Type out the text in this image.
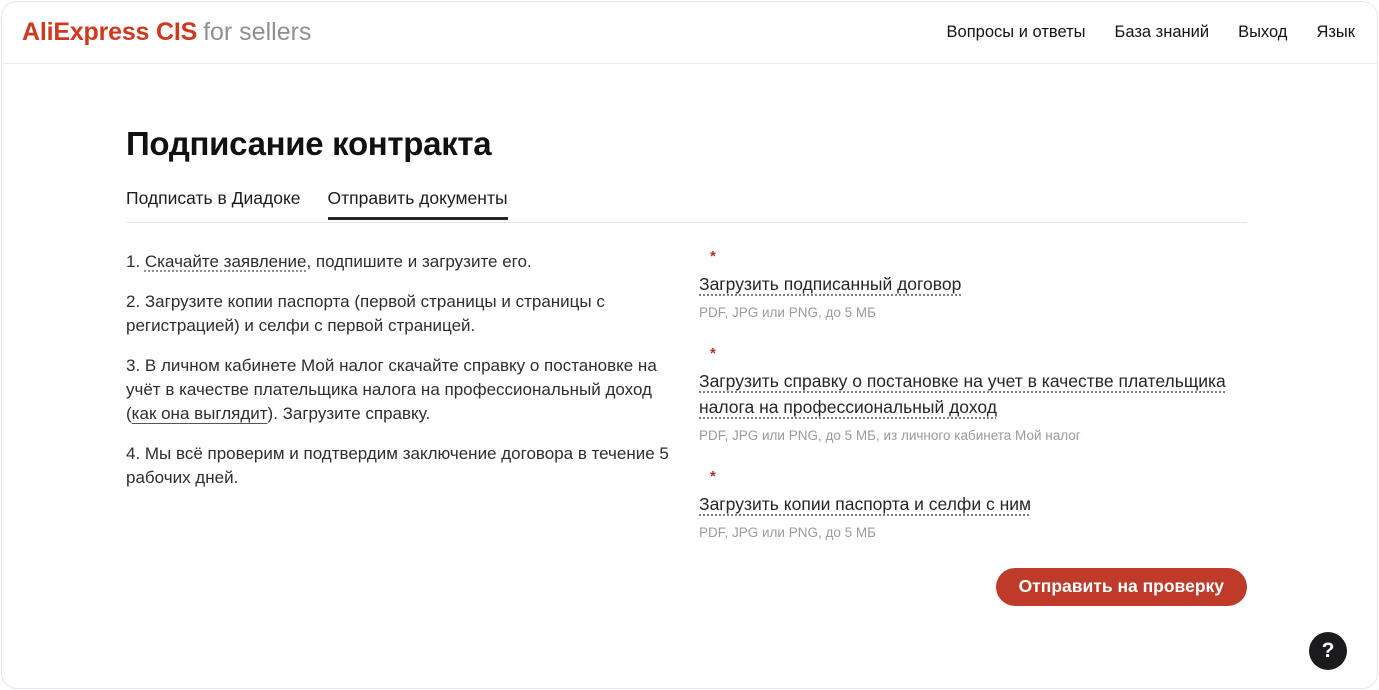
AliExpress CIS for sellers	Вопросы и ответы База знаний Выход Язык
Подписание контракта
Подписать в Диадоке Отправить документы

1. Скачайте заявление, подпишите и загрузите его.

2. Загрузите копии паспорта (первой страницы и страницы с регистрацией) и селфи с первой страницей.

3. В личном кабинете Мой налог скачайте справку о постановке на учёт в качестве плательщика налога на профессиональный доход (как она выглядит). Загрузите справку.

4. Мы всё проверим и подтвердим заключение договора в течение 5 рабочих дней.

*
Загрузить подписанный договор
PDF, JPG или PNG, до 5 МБ
*
Загрузить справку о постановке на учет в качестве плательщика налога на профессиональный доход
PDF, JPG или PNG, до 5 МБ, из личного кабинета Мой налог
*
Загрузить копии паспорта и селфи с ним
PDF, JPG или PNG, до 5 МБ
Отправить на проверку
?
